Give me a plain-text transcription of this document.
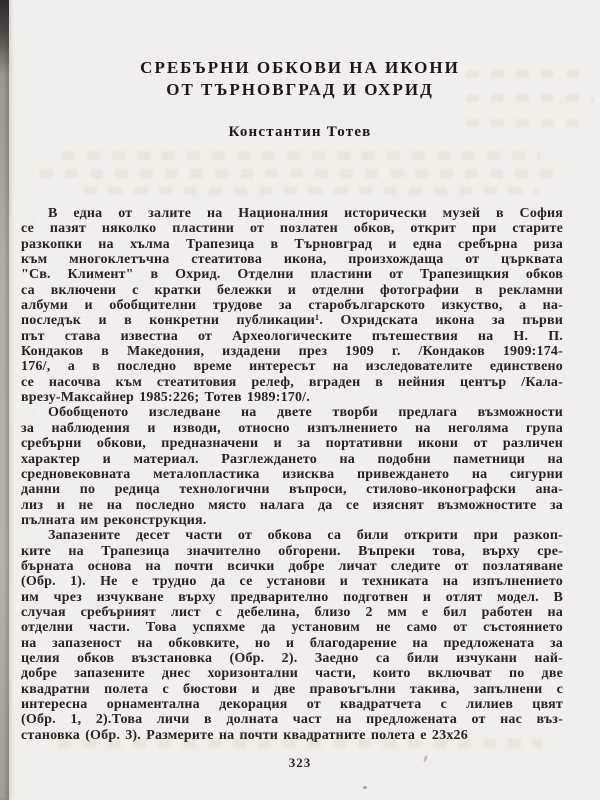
СРЕБЪРНИ ОБКОВИ НА ИКОНИ
ОТ ТЪРНОВГРАД И ОХРИД
Константин Тотев
В една от залите на Националния исторически музей в София
се пазят няколко пластини от позлатен обков, открит при старите
разкопки на хълма Трапезица в Търновград и една сребърна риза
към многоклетъчна стеатитова икона, произхождаща от църквата
"Св. Климент" в Охрид. Отделни пластини от Трапезищкия обков
са включени с кратки бележки и отделни фотографии в рекламни
албуми и обобщителни трудове за старобългарското изкуство, а на-
последък и в конкретни публикации¹. Охридската икона за първи
път става известна от Археологическите пътешествия на Н. П.
Кондаков в Македония, издадени през 1909 г. /Кондаков 1909:174-
176/, а в последно време интересът на изследователите единствено
се насочва към стеатитовия релеф, вграден в нейния център /Кала-
врезу-Максайнер 1985:226; Тотев 1989:170/.
Обобщеното изследване на двете творби предлага възможности
за наблюдения и изводи, относно изпълнението на неголяма група
сребърни обкови, предназначени и за портативни икони от различен
характер и материал. Разглеждането на подобни паметници на
средновековната металопластика изисква привеждането на сигурни
данни по редица технологични въпроси, стилово-иконографски ана-
лиз и не на последно място налага да се изяснят възможностите за
пълната им реконструкция.
Запазените десет части от обкова са били открити при разкоп-
ките на Трапезица значително обгорени. Въпреки това, върху сре-
бърната основа на почти всички добре личат следите от позлатяване
(Обр. 1). Не е трудно да се установи и техниката на изпълнението
им чрез изчукване върху предварително подготвен и отлят модел. В
случая сребърният лист с дебелина, близо 2 мм е бил работен на
отделни части. Това успяхме да установим не само от състоянието
на запазеност на обковките, но и благодарение на предложената за
целия обков възстановка (Обр. 2). Заедно са били изчукани най-
добре запазените днес хоризонтални части, които включват по две
квадратни полета с бюстови и две правоъгълни такива, запълнени с
интересна орнаментална декорация от квадратчета с лилиев цвят
(Обр. 1, 2).Това личи в долната част на предложената от нас въз-
становка (Обр. 3). Размерите на почти квадратните полета е 23х26
323
